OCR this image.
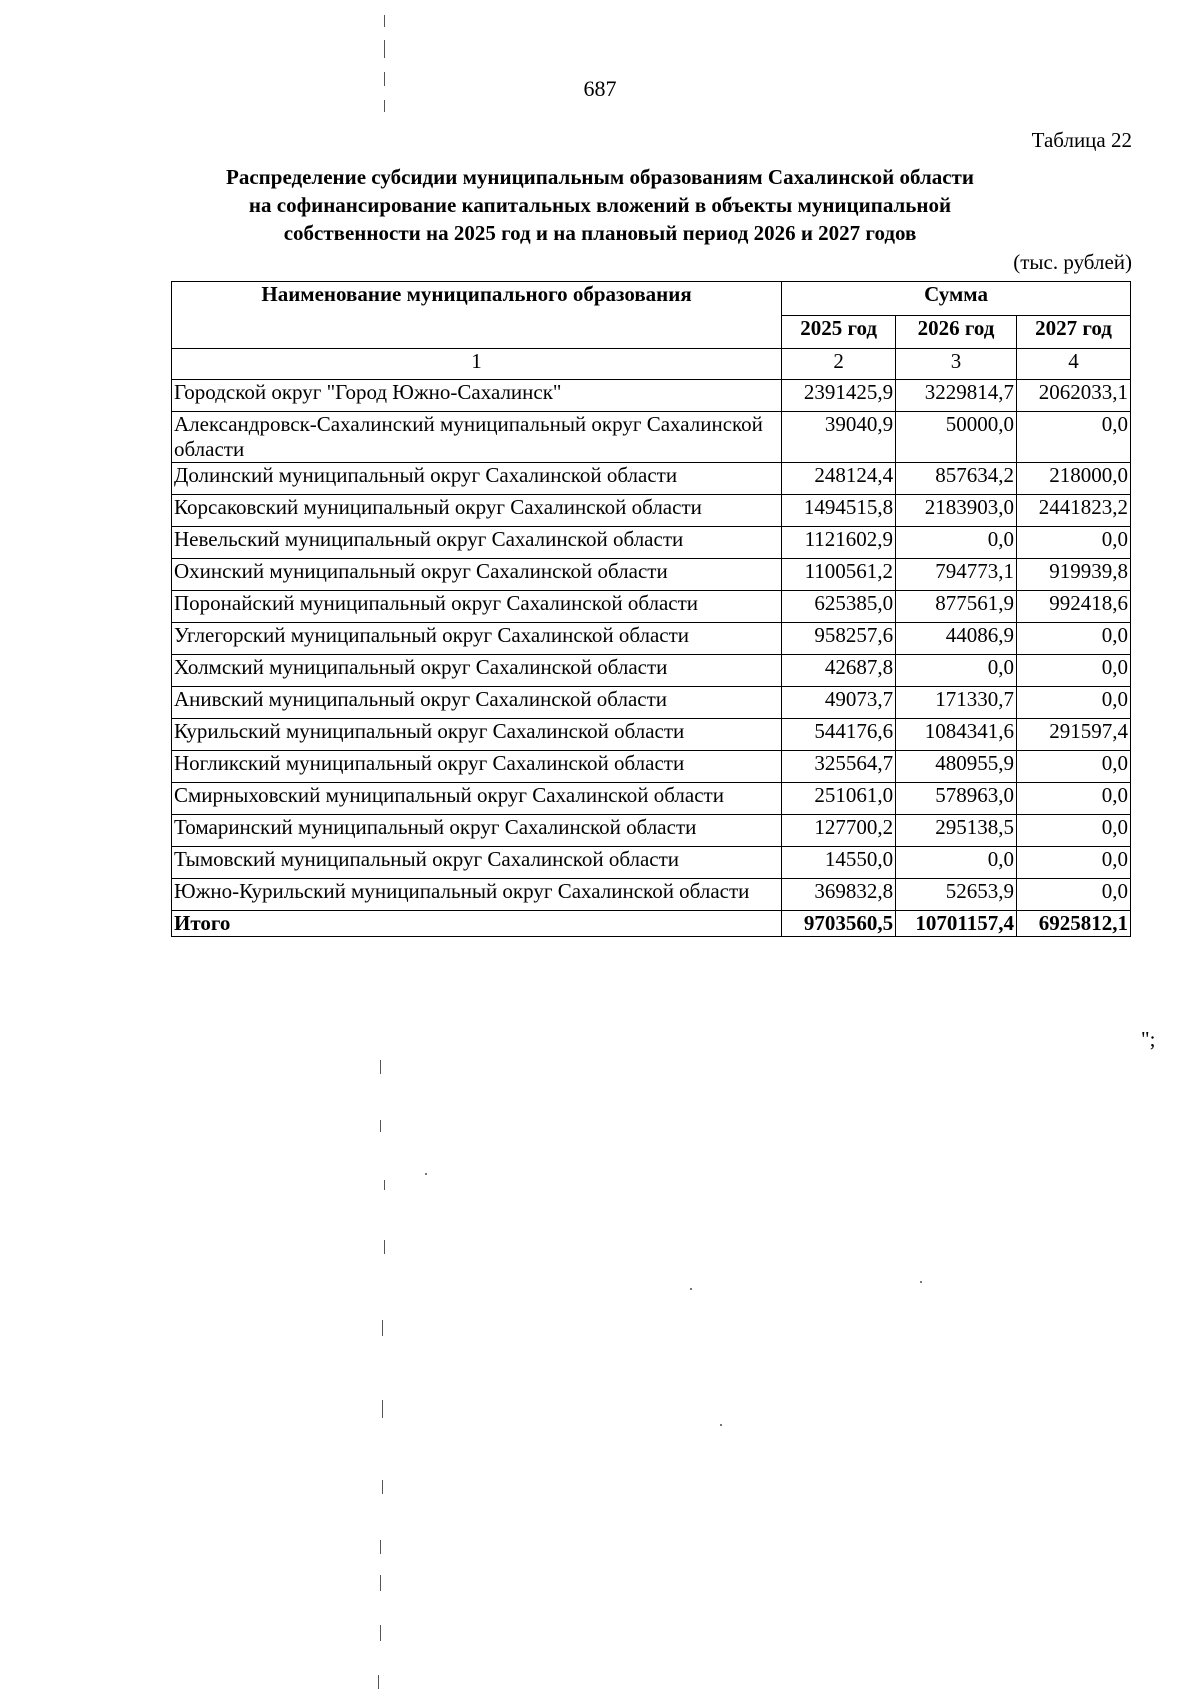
687
Таблица 22
Распределение субсидии муниципальным образованиям Сахалинской области
на софинансирование капитальных вложений в объекты муниципальной
собственности на 2025 год и на плановый период 2026 и 2027 годов
(тыс. рублей)
Наименование муниципального образования	Сумма		
	2025 год	2026 год	2027 год
1	2	3	4
Городской округ "Город Южно-Сахалинск"	2391425,9	3229814,7	2062033,1
Александровск-Сахалинский муниципальный округ Сахалинской области	39040,9	50000,0	0,0
Долинский муниципальный округ Сахалинской области	248124,4	857634,2	218000,0
Корсаковский муниципальный округ Сахалинской области	1494515,8	2183903,0	2441823,2
Невельский муниципальный округ Сахалинской области	1121602,9	0,0	0,0
Охинский муниципальный округ Сахалинской области	1100561,2	794773,1	919939,8
Поронайский муниципальный округ Сахалинской области	625385,0	877561,9	992418,6
Углегорский муниципальный округ Сахалинской области	958257,6	44086,9	0,0
Холмский муниципальный округ Сахалинской области	42687,8	0,0	0,0
Анивский муниципальный округ Сахалинской области	49073,7	171330,7	0,0
Курильский муниципальный округ Сахалинской области	544176,6	1084341,6	291597,4
Ногликский муниципальный округ Сахалинской области	325564,7	480955,9	0,0
Смирныховский муниципальный округ Сахалинской области	251061,0	578963,0	0,0
Томаринский муниципальный округ Сахалинской области	127700,2	295138,5	0,0
Тымовский муниципальный округ Сахалинской области	14550,0	0,0	0,0
Южно-Курильский муниципальный округ Сахалинской области	369832,8	52653,9	0,0
Итого	9703560,5	10701157,4	6925812,1
";
